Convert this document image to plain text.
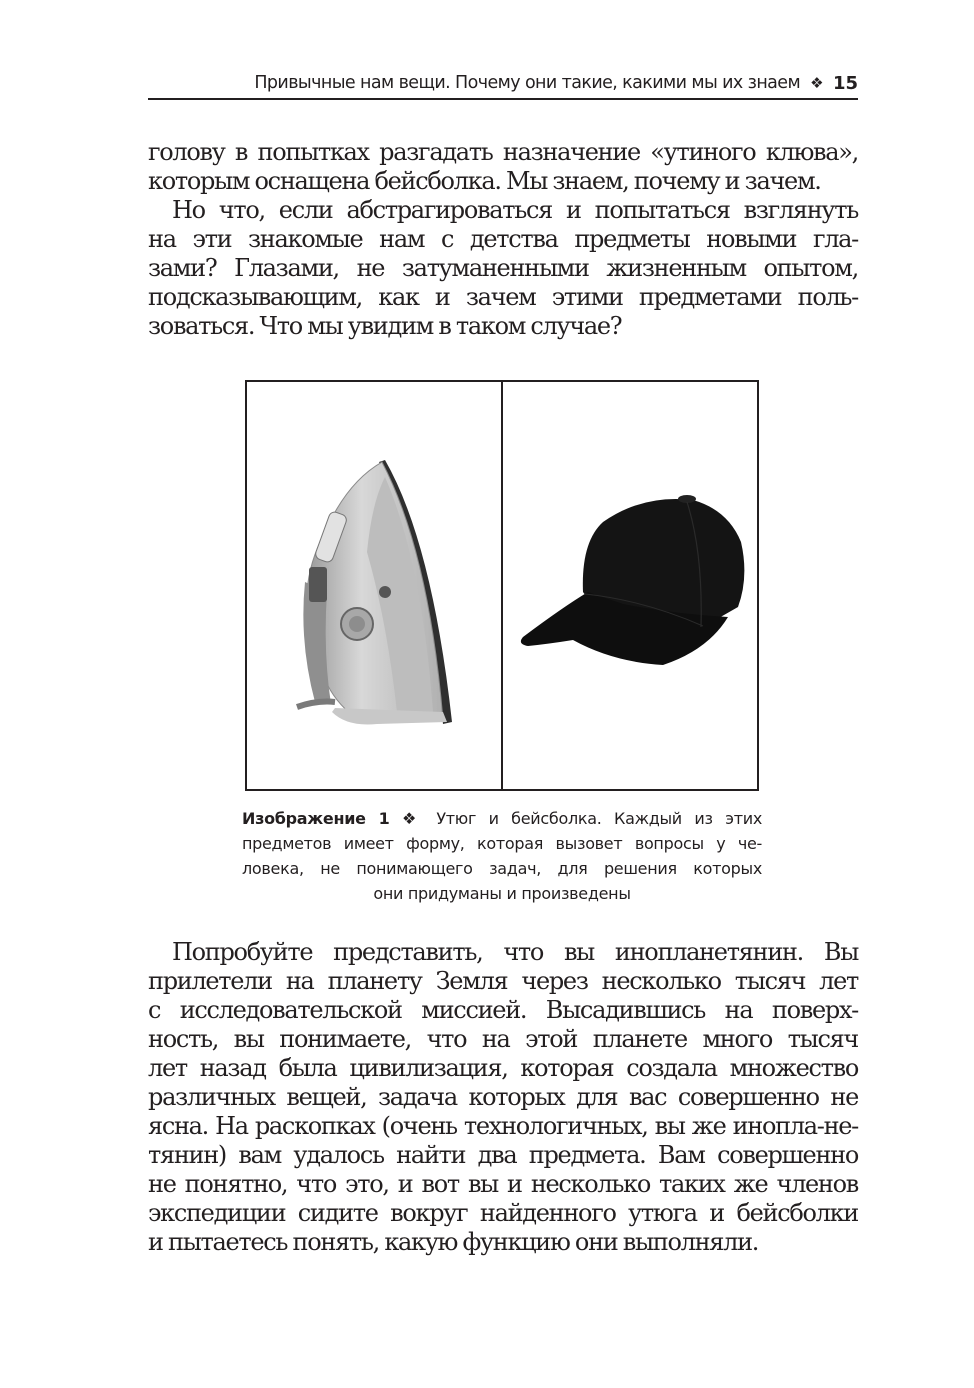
Привычные нам вещи. Почему они такие, какими мы их знаем ❖ 15

голову в попытках разгадать назначение «утиного клюва»,
которым оснащена бейсболка. Мы знаем, почему и зачем.

Но что, если абстрагироваться и попытаться взглянуть
на эти знакомые нам с детства предметы новыми гла-
зами? Глазами, не затуманенными жизненным опытом,
подсказывающим, как и зачем этими предметами поль-
зоваться. Что мы увидим в таком случае?

Изображение 1 ❖ Утюг и бейсболка. Каждый из этих
предметов имеет форму, которая вызовет вопросы у че-
ловека, не понимающего задач, для решения которых
они придуманы и произведены

Попробуйте представить, что вы инопланетянин. Вы
прилетели на планету Земля через несколько тысяч лет
с исследовательской миссией. Высадившись на поверх-
ность, вы понимаете, что на этой планете много тысяч
лет назад была цивилизация, которая создала множество
различных вещей, задача которых для вас совершенно не
ясна. На раскопках (очень технологичных, вы же инопла-не-
тянин) вам удалось найти два предмета. Вам совершенно
не понятно, что это, и вот вы и несколько таких же членов
экспедиции сидите вокруг найденного утюга и бейсболки
и пытаетесь понять, какую функцию они выполняли.
